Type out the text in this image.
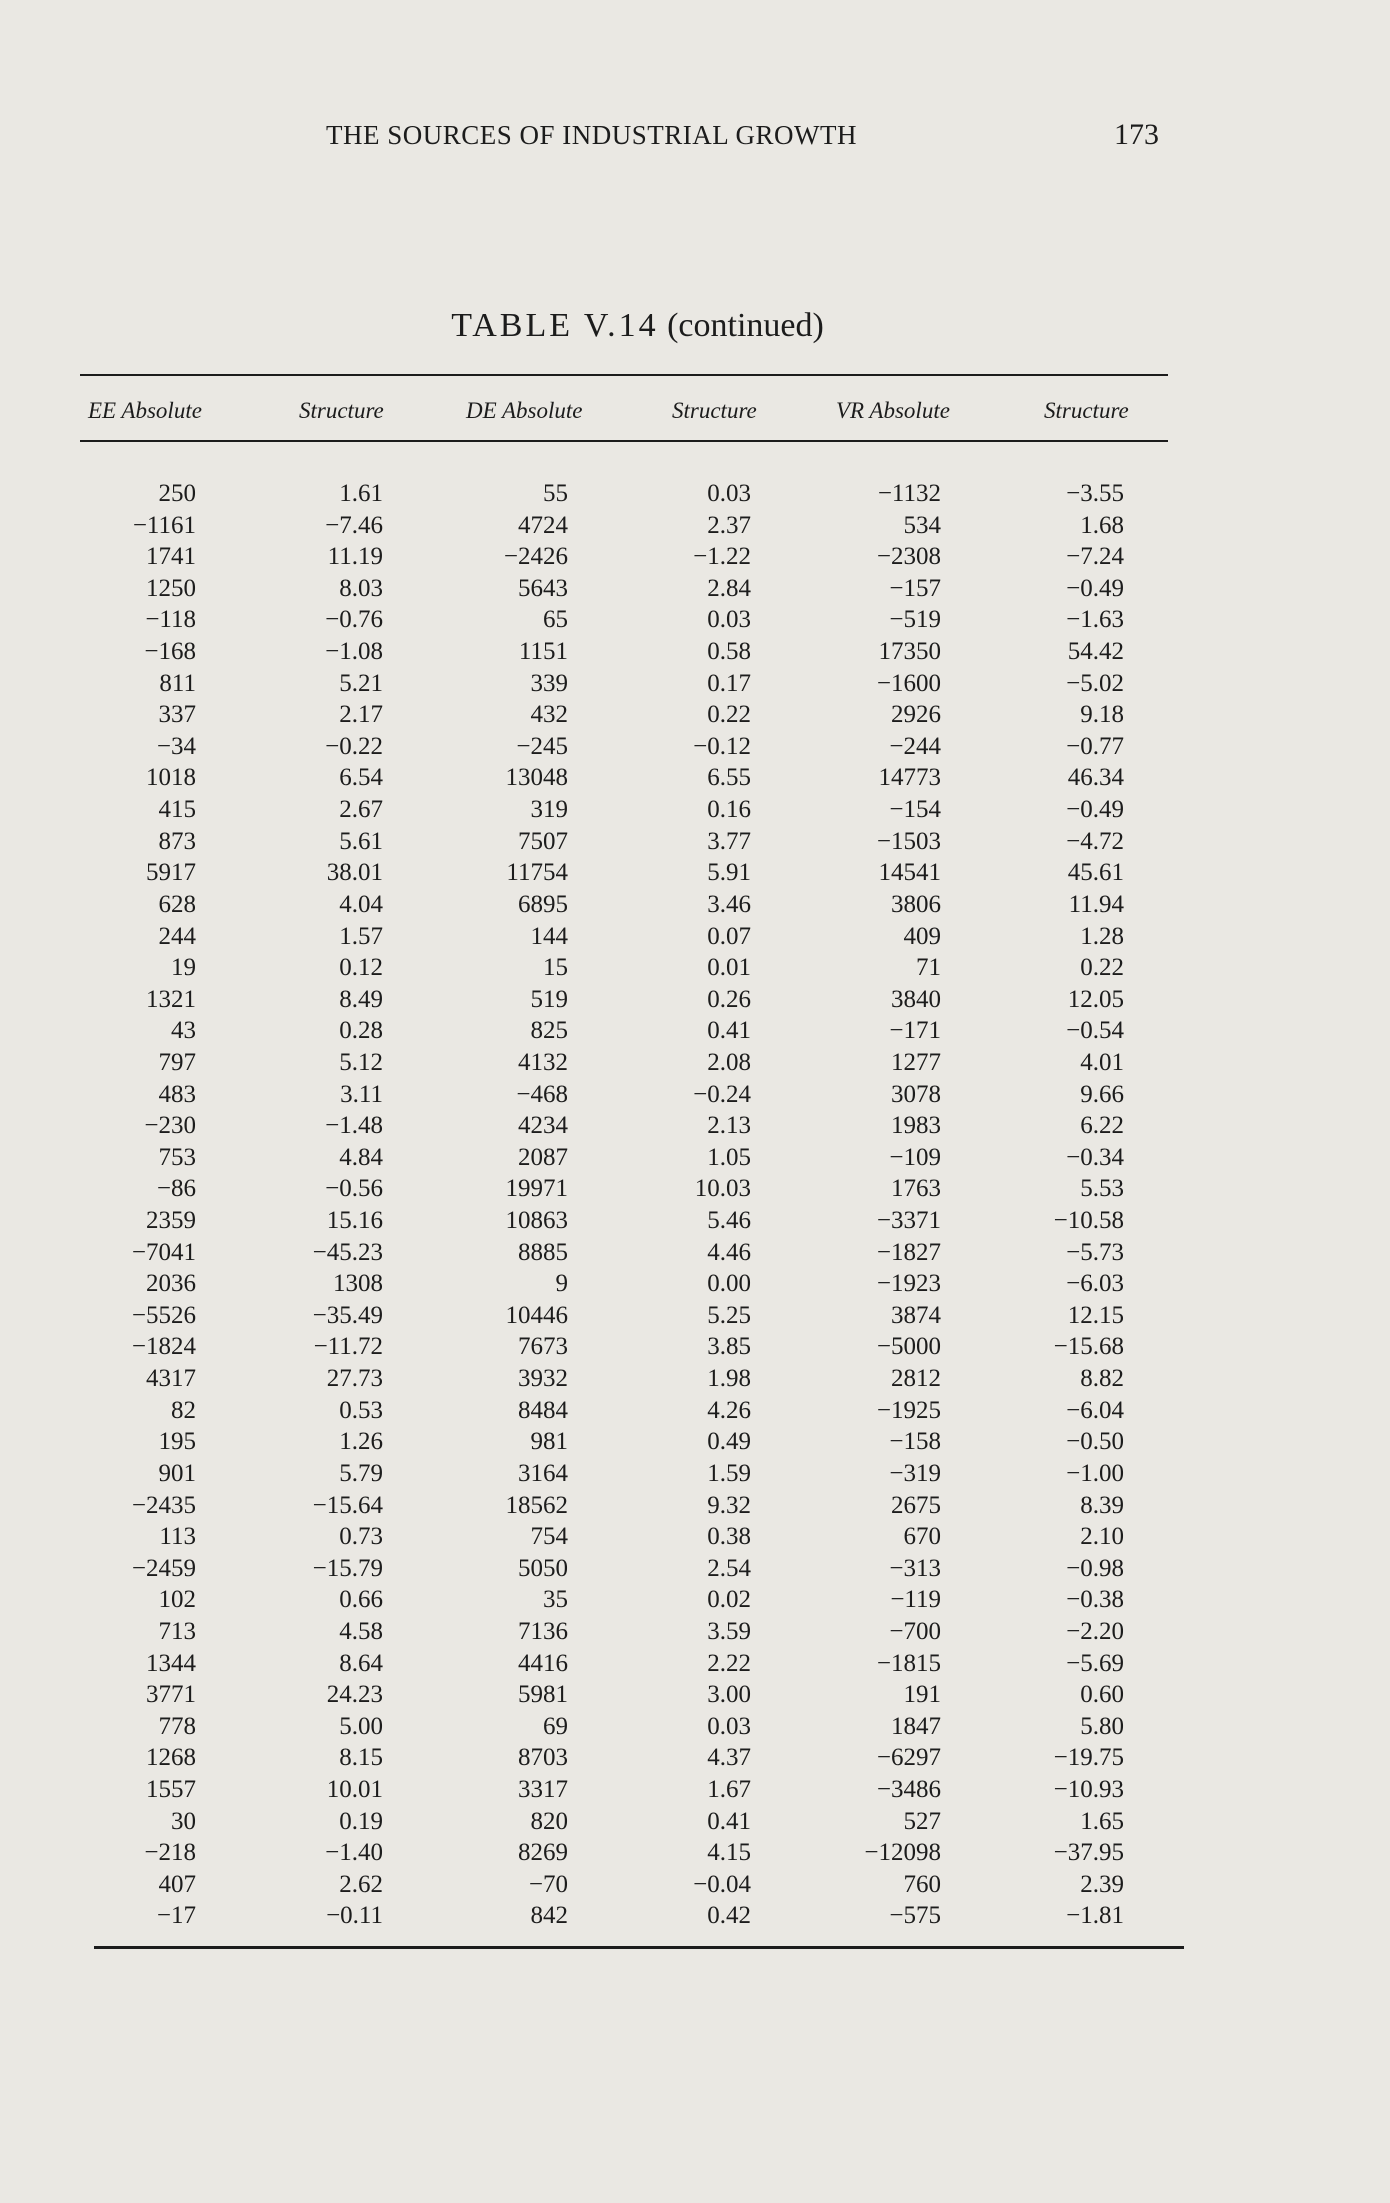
THE SOURCES OF INDUSTRIAL GROWTH	173
TABLE V.14 (continued)
EE Absolute	Structure	DE Absolute	Structure	VR Absolute	Structure
250	1.61	55	0.03	−1132	−3.55
−1161	−7.46	4724	2.37	534	1.68
1741	11.19	−2426	−1.22	−2308	−7.24
1250	8.03	5643	2.84	−157	−0.49
−118	−0.76	65	0.03	−519	−1.63
−168	−1.08	1151	0.58	17350	54.42
811	5.21	339	0.17	−1600	−5.02
337	2.17	432	0.22	2926	9.18
−34	−0.22	−245	−0.12	−244	−0.77
1018	6.54	13048	6.55	14773	46.34
415	2.67	319	0.16	−154	−0.49
873	5.61	7507	3.77	−1503	−4.72
5917	38.01	11754	5.91	14541	45.61
628	4.04	6895	3.46	3806	11.94
244	1.57	144	0.07	409	1.28
19	0.12	15	0.01	71	0.22
1321	8.49	519	0.26	3840	12.05
43	0.28	825	0.41	−171	−0.54
797	5.12	4132	2.08	1277	4.01
483	3.11	−468	−0.24	3078	9.66
−230	−1.48	4234	2.13	1983	6.22
753	4.84	2087	1.05	−109	−0.34
−86	−0.56	19971	10.03	1763	5.53
2359	15.16	10863	5.46	−3371	−10.58
−7041	−45.23	8885	4.46	−1827	−5.73
2036	1308	9	0.00	−1923	−6.03
−5526	−35.49	10446	5.25	3874	12.15
−1824	−11.72	7673	3.85	−5000	−15.68
4317	27.73	3932	1.98	2812	8.82
82	0.53	8484	4.26	−1925	−6.04
195	1.26	981	0.49	−158	−0.50
901	5.79	3164	1.59	−319	−1.00
−2435	−15.64	18562	9.32	2675	8.39
113	0.73	754	0.38	670	2.10
−2459	−15.79	5050	2.54	−313	−0.98
102	0.66	35	0.02	−119	−0.38
713	4.58	7136	3.59	−700	−2.20
1344	8.64	4416	2.22	−1815	−5.69
3771	24.23	5981	3.00	191	0.60
778	5.00	69	0.03	1847	5.80
1268	8.15	8703	4.37	−6297	−19.75
1557	10.01	3317	1.67	−3486	−10.93
30	0.19	820	0.41	527	1.65
−218	−1.40	8269	4.15	−12098	−37.95
407	2.62	−70	−0.04	760	2.39
−17	−0.11	842	0.42	−575	−1.81
